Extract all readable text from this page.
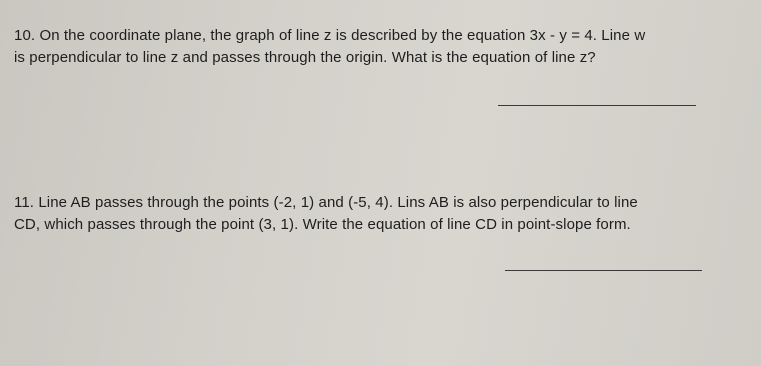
10. On the coordinate plane, the graph of line z is described by the equation 3x - y = 4. Line w
is perpendicular to line z and passes through the origin. What is the equation of line z?
11. Line AB passes through the points (-2, 1) and (-5, 4). Lins AB is also perpendicular to line
CD, which passes through the point (3, 1). Write the equation of line CD in point-slope form.
